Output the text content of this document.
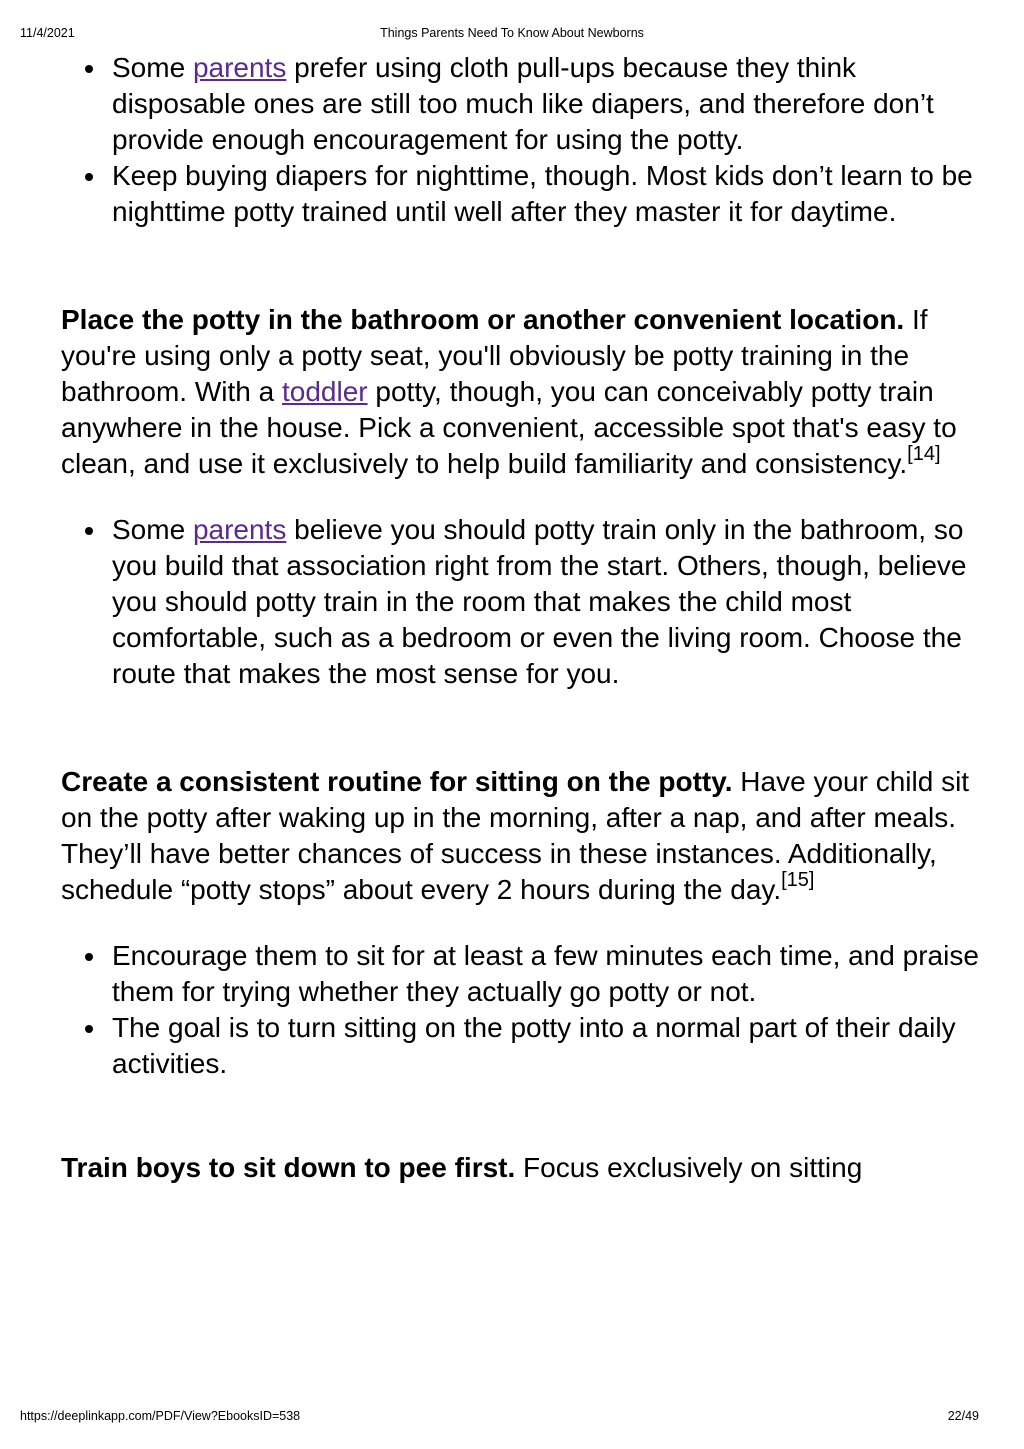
11/4/2021	Things Parents Need To Know About Newborns
Some parents prefer using cloth pull-ups because they think disposable ones are still too much like diapers, and therefore don’t provide enough encouragement for using the potty.
Keep buying diapers for nighttime, though. Most kids don’t learn to be nighttime potty trained until well after they master it for daytime.

Place the potty in the bathroom or another convenient location. If you're using only a potty seat, you'll obviously be potty training in the bathroom. With a toddler potty, though, you can conceivably potty train anywhere in the house. Pick a convenient, accessible spot that's easy to clean, and use it exclusively to help build familiarity and consistency.[14]

Some parents believe you should potty train only in the bathroom, so you build that association right from the start. Others, though, believe you should potty train in the room that makes the child most comfortable, such as a bedroom or even the living room. Choose the route that makes the most sense for you.

Create a consistent routine for sitting on the potty. Have your child sit on the potty after waking up in the morning, after a nap, and after meals. They’ll have better chances of success in these instances. Additionally, schedule “potty stops” about every 2 hours during the day.[15]

Encourage them to sit for at least a few minutes each time, and praise them for trying whether they actually go potty or not.
The goal is to turn sitting on the potty into a normal part of their daily activities.

Train boys to sit down to pee first. Focus exclusively on sitting

https://deeplinkapp.com/PDF/View?EbooksID=538	22/49
